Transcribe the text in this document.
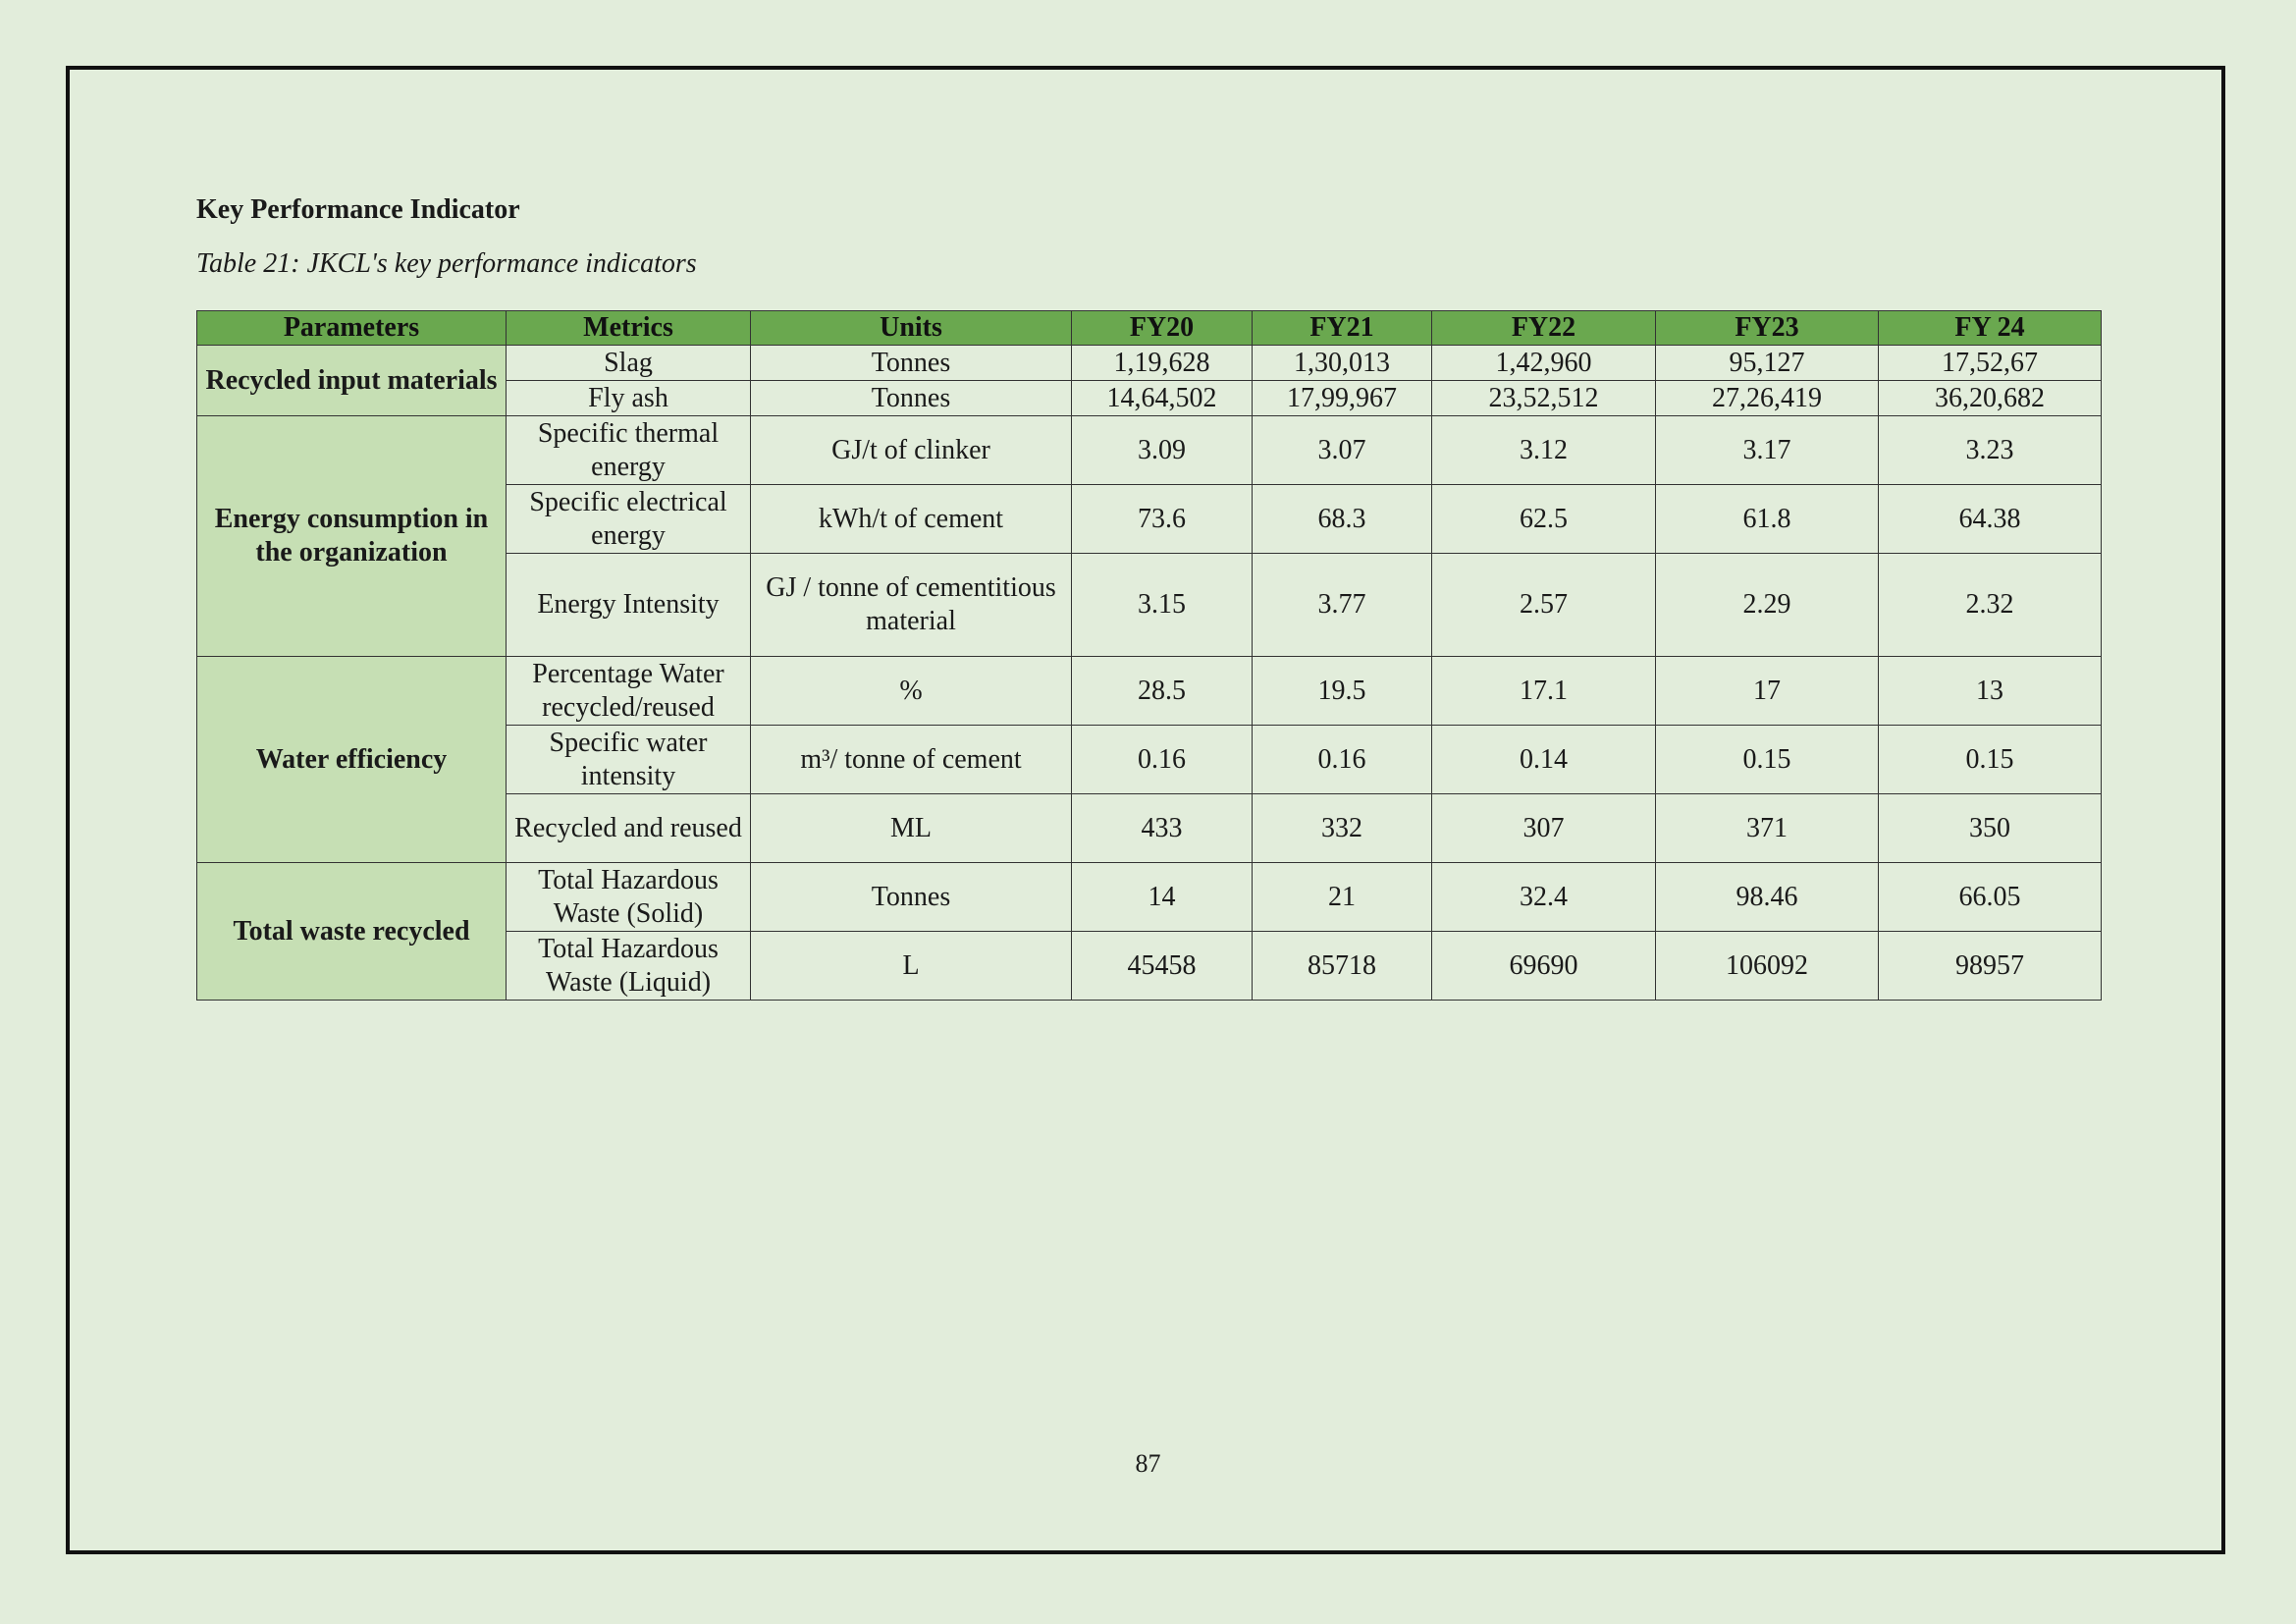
Key Performance Indicator

Table 21: JKCL's key performance indicators

Parameters	Metrics	Units	FY20	FY21	FY22	FY23	FY 24
Recycled input materials	Slag	Tonnes	1,19,628	1,30,013	1,42,960	95,127	17,52,67
	Fly ash	Tonnes	14,64,502	17,99,967	23,52,512	27,26,419	36,20,682
Energy consumption in the organization	Specific thermal energy	GJ/t of clinker	3.09	3.07	3.12	3.17	3.23
	Specific electrical energy	kWh/t of cement	73.6	68.3	62.5	61.8	64.38
	Energy Intensity	GJ / tonne of cementitious material	3.15	3.77	2.57	2.29	2.32
Water efficiency	Percentage Water recycled/reused	%	28.5	19.5	17.1	17	13
	Specific water intensity	m³/ tonne of cement	0.16	0.16	0.14	0.15	0.15
	Recycled and reused	ML	433	332	307	371	350
Total waste recycled	Total Hazardous Waste (Solid)	Tonnes	14	21	32.4	98.46	66.05
	Total Hazardous Waste (Liquid)	L	45458	85718	69690	106092	98957
87
